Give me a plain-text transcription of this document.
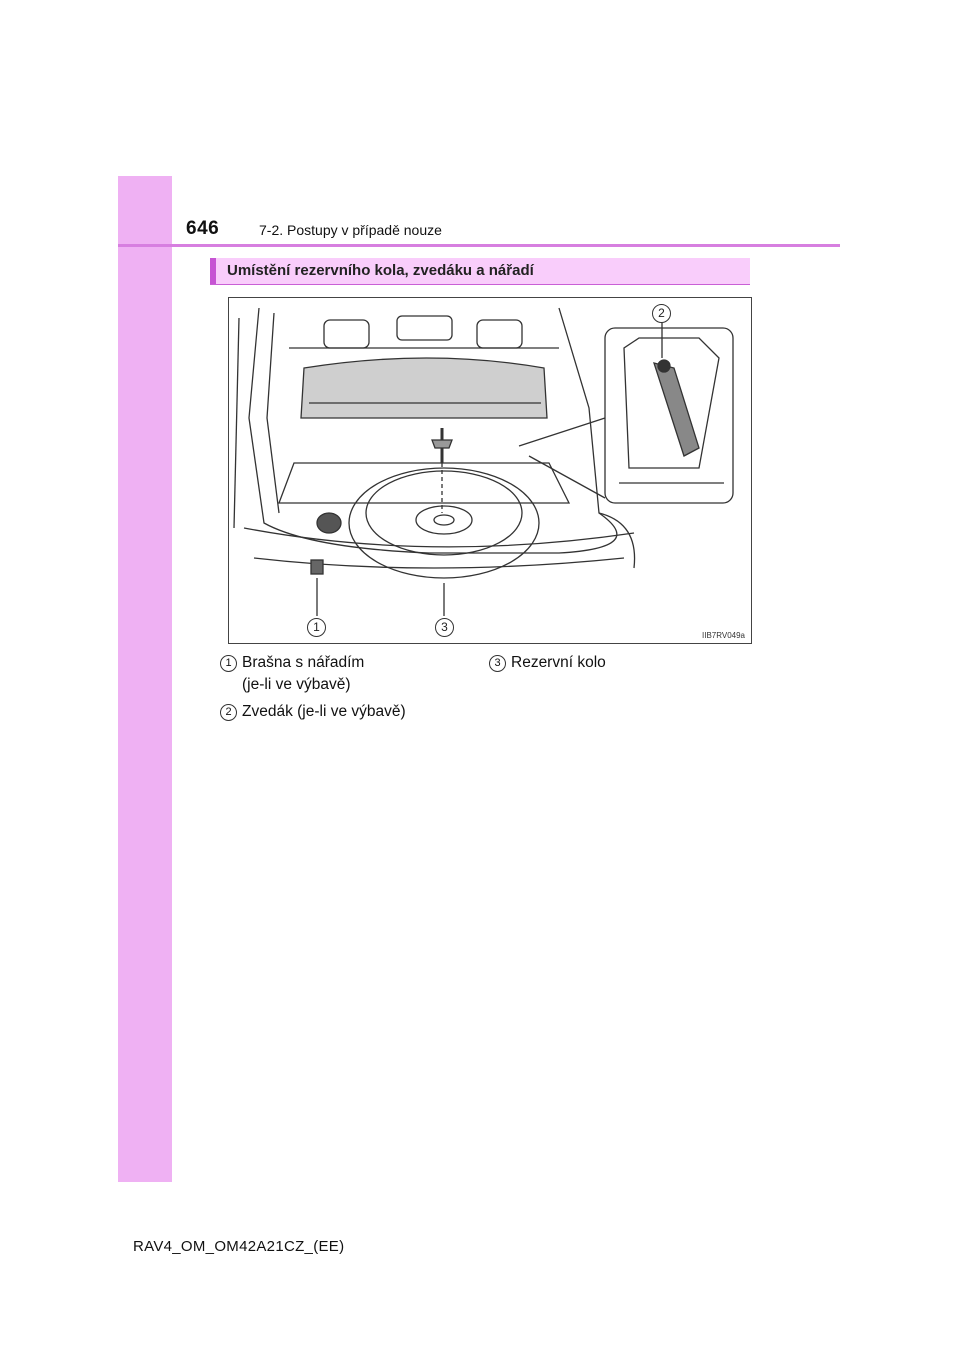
646	7-2. Postupy v případě nouze
Umístění rezervního kola, zvedáku a nářadí
1	3
2
IIB7RV049a
1 Brašna s nářadím
(je-li ve výbavě)
2 Zvedák (je-li ve výbavě)
3 Rezervní kolo
RAV4_OM_OM42A21CZ_(EE)
